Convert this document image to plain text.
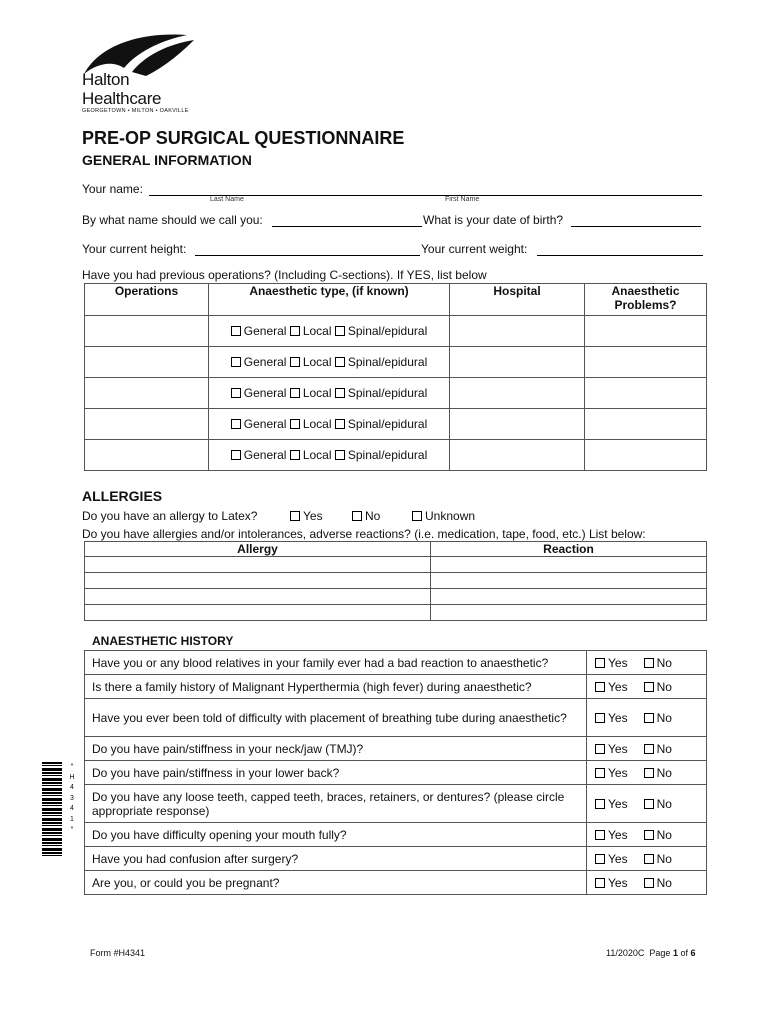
Halton
Healthcare
GEORGETOWN • MILTON • OAKVILLE
PRE-OP SURGICAL QUESTIONNAIRE
GENERAL INFORMATION
Your name:
Last Name	First Name
By what name should we call you:	What is your date of birth?
Your current height:	Your current weight:
Have you had previous operations? (Including C-sections). If YES, list below
Operations	Anaesthetic type, (if known)	Hospital	Anaesthetic Problems?
	General Local Spinal/epidural		
	General Local Spinal/epidural		
	General Local Spinal/epidural		
	General Local Spinal/epidural		
	General Local Spinal/epidural		
ALLERGIES
Do you have an allergy to Latex?	Yes	No	Unknown
Do you have allergies and/or intolerances, adverse reactions? (i.e. medication, tape, food, etc.) List below:
Allergy	Reaction

ANAESTHETIC HISTORY
Have you or any blood relatives in your family ever had a bad reaction to anaesthetic?	Yes No
Is there a family history of Malignant Hyperthermia (high fever) during anaesthetic?	Yes No
Have you ever been told of difficulty with placement of breathing tube during anaesthetic?	Yes No
Do you have pain/stiffness in your neck/jaw (TMJ)?	Yes No
Do you have pain/stiffness in your lower back?	Yes No
Do you have any loose teeth, capped teeth, braces, retainers, or dentures? (please circle appropriate response)	Yes No
Do you have difficulty opening your mouth fully?	Yes No
Have you had confusion after surgery?	Yes No
Are you, or could you be pregnant?	Yes No
*
H
4
3
4
1
*
Form #H4341	11/2020C Page 1 of 6
